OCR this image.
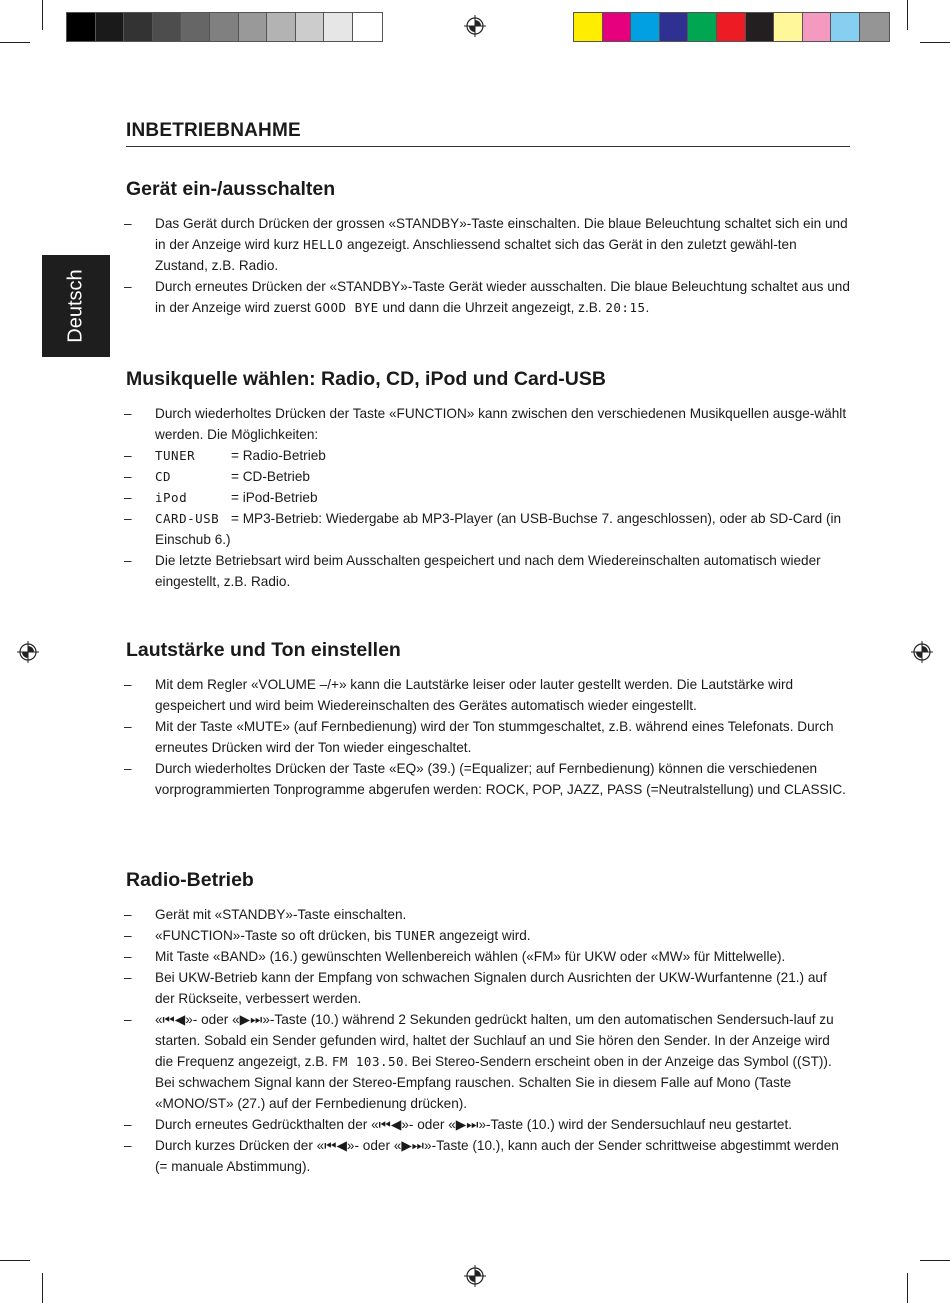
Deutsch
INBETRIEBNAHME
Gerät ein-/ausschalten
– Das Gerät durch Drücken der grossen «STANDBY»-Taste einschalten. Die blaue Beleuchtung schaltet sich ein und in der Anzeige wird kurz HELLO angezeigt. Anschliessend schaltet sich das Gerät in den zuletzt gewähl-ten Zustand, z.B. Radio.
– Durch erneutes Drücken der «STANDBY»-Taste Gerät wieder ausschalten. Die blaue Beleuchtung schaltet aus und in der Anzeige wird zuerst GOOD BYE und dann die Uhrzeit angezeigt, z.B. 20:15.
Musikquelle wählen: Radio, CD, iPod und Card-USB
– Durch wiederholtes Drücken der Taste «FUNCTION» kann zwischen den verschiedenen Musikquellen ausge-wählt werden. Die Möglichkeiten:
– TUNER	= Radio-Betrieb
– CD	= CD-Betrieb
– iPod	= iPod-Betrieb
– CARD-USB = MP3-Betrieb: Wiedergabe ab MP3-Player (an USB-Buchse 7. angeschlossen), oder ab SD-Card (in Einschub 6.)
– Die letzte Betriebsart wird beim Ausschalten gespeichert und nach dem Wiedereinschalten automatisch wieder eingestellt, z.B. Radio.
Lautstärke und Ton einstellen
– Mit dem Regler «VOLUME –/+» kann die Lautstärke leiser oder lauter gestellt werden. Die Lautstärke wird gespeichert und wird beim Wiedereinschalten des Gerätes automatisch wieder eingestellt.
– Mit der Taste «MUTE» (auf Fernbedienung) wird der Ton stummgeschaltet, z.B. während eines Telefonats. Durch erneutes Drücken wird der Ton wieder eingeschaltet.
– Durch wiederholtes Drücken der Taste «EQ» (39.) (=Equalizer; auf Fernbedienung) können die verschiedenen vorprogrammierten Tonprogramme abgerufen werden: ROCK, POP, JAZZ, PASS (=Neutralstellung) und CLASSIC.
Radio-Betrieb
– Gerät mit «STANDBY»-Taste einschalten.
– «FUNCTION»-Taste so oft drücken, bis TUNER angezeigt wird.
– Mit Taste «BAND» (16.) gewünschten Wellenbereich wählen («FM» für UKW oder «MW» für Mittelwelle).
– Bei UKW-Betrieb kann der Empfang von schwachen Signalen durch Ausrichten der UKW-Wurfantenne (21.) auf der Rückseite, verbessert werden.
– «⏮◀»- oder «▶⏭»-Taste (10.) während 2 Sekunden gedrückt halten, um den automatischen Sendersuch-lauf zu starten. Sobald ein Sender gefunden wird, haltet der Suchlauf an und Sie hören den Sender. In der Anzeige wird die Frequenz angezeigt, z.B. FM 103.50. Bei Stereo-Sendern erscheint oben in der Anzeige das Symbol ((ST)). Bei schwachem Signal kann der Stereo-Empfang rauschen. Schalten Sie in diesem Falle auf Mono (Taste «MONO/ST» (27.) auf der Fernbedienung drücken).
– Durch erneutes Gedrückthalten der «⏮◀»- oder «▶⏭»-Taste (10.) wird der Sendersuchlauf neu gestartet.
– Durch kurzes Drücken der «⏮◀»- oder «▶⏭»-Taste (10.), kann auch der Sender schrittweise abgestimmt werden (= manuale Abstimmung).
